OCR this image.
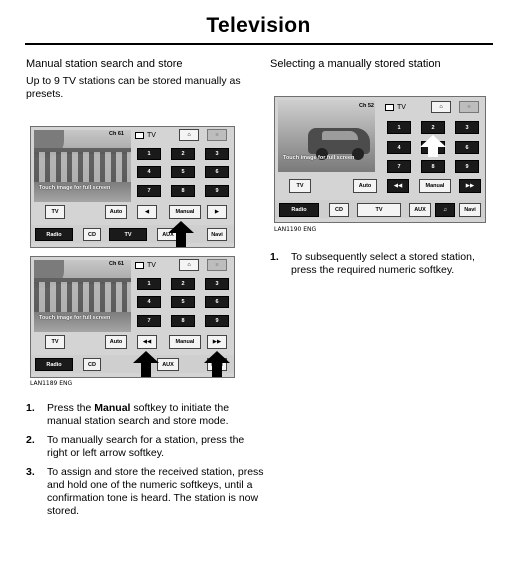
Television
Manual station search and store
Up to 9 TV stations can be stored manually as presets.
Touch image for full screen
Ch 61	TV	⌂	≡
1	2	3
4	5	6
7	8	9
TV	Auto	◀	Manual	▶
Radio	CD	TV	AUX	Navi
Touch image for full screen
Ch 61	TV	⌂	≡
1	2	3
4	5	6
7	8	9
TV	Auto	◀◀	Manual	▶▶
Radio	CD	AUX
LAN1189 ENG
1. Press the Manual softkey to initiate the manual station search and store mode.
2. To manually search for a station, press the right or left arrow softkey.
3. To assign and store the received station, press and hold one of the numeric softkeys, until a confirmation tone is heard. The station is now stored.
Selecting a manually stored station
Touch image for full screen
Ch 52	TV	⌂	≡
1	2	3
4	6
7	8	9
TV	Auto	◀◀	Manual	▶▶
Radio	CD	TV	AUX	♫	Navi
LAN1190 ENG
1. To subsequently select a stored station, press the required numeric softkey.
